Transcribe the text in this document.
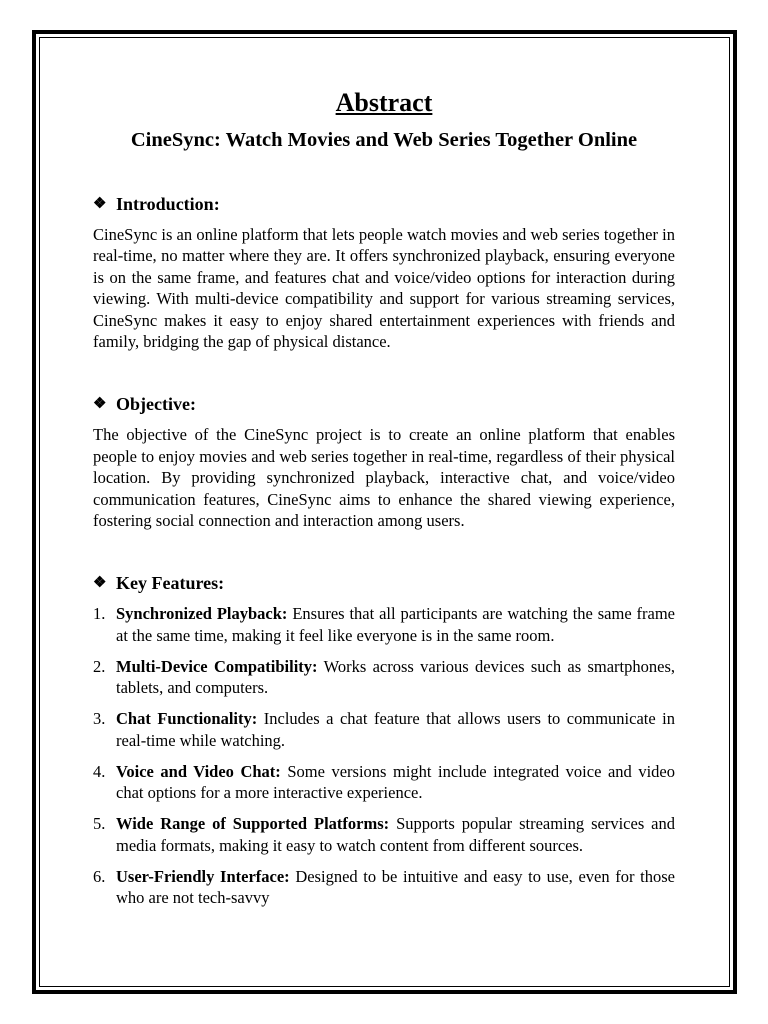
Abstract
CineSync: Watch Movies and Web Series Together Online
❖ Introduction:

CineSync is an online platform that lets people watch movies and web series together in real-time, no matter where they are. It offers synchronized playback, ensuring everyone is on the same frame, and features chat and voice/video options for interaction during viewing. With multi-device compatibility and support for various streaming services, CineSync makes it easy to enjoy shared entertainment experiences with friends and family, bridging the gap of physical distance.

❖ Objective:

The objective of the CineSync project is to create an online platform that enables people to enjoy movies and web series together in real-time, regardless of their physical location. By providing synchronized playback, interactive chat, and voice/video communication features, CineSync aims to enhance the shared viewing experience, fostering social connection and interaction among users.

❖ Key Features:
1. Synchronized Playback: Ensures that all participants are watching the same frame at the same time, making it feel like everyone is in the same room.
2. Multi-Device Compatibility: Works across various devices such as smartphones, tablets, and computers.
3. Chat Functionality: Includes a chat feature that allows users to communicate in real-time while watching.
4. Voice and Video Chat: Some versions might include integrated voice and video chat options for a more interactive experience.
5. Wide Range of Supported Platforms: Supports popular streaming services and media formats, making it easy to watch content from different sources.
6. User-Friendly Interface: Designed to be intuitive and easy to use, even for those who are not tech-savvy
